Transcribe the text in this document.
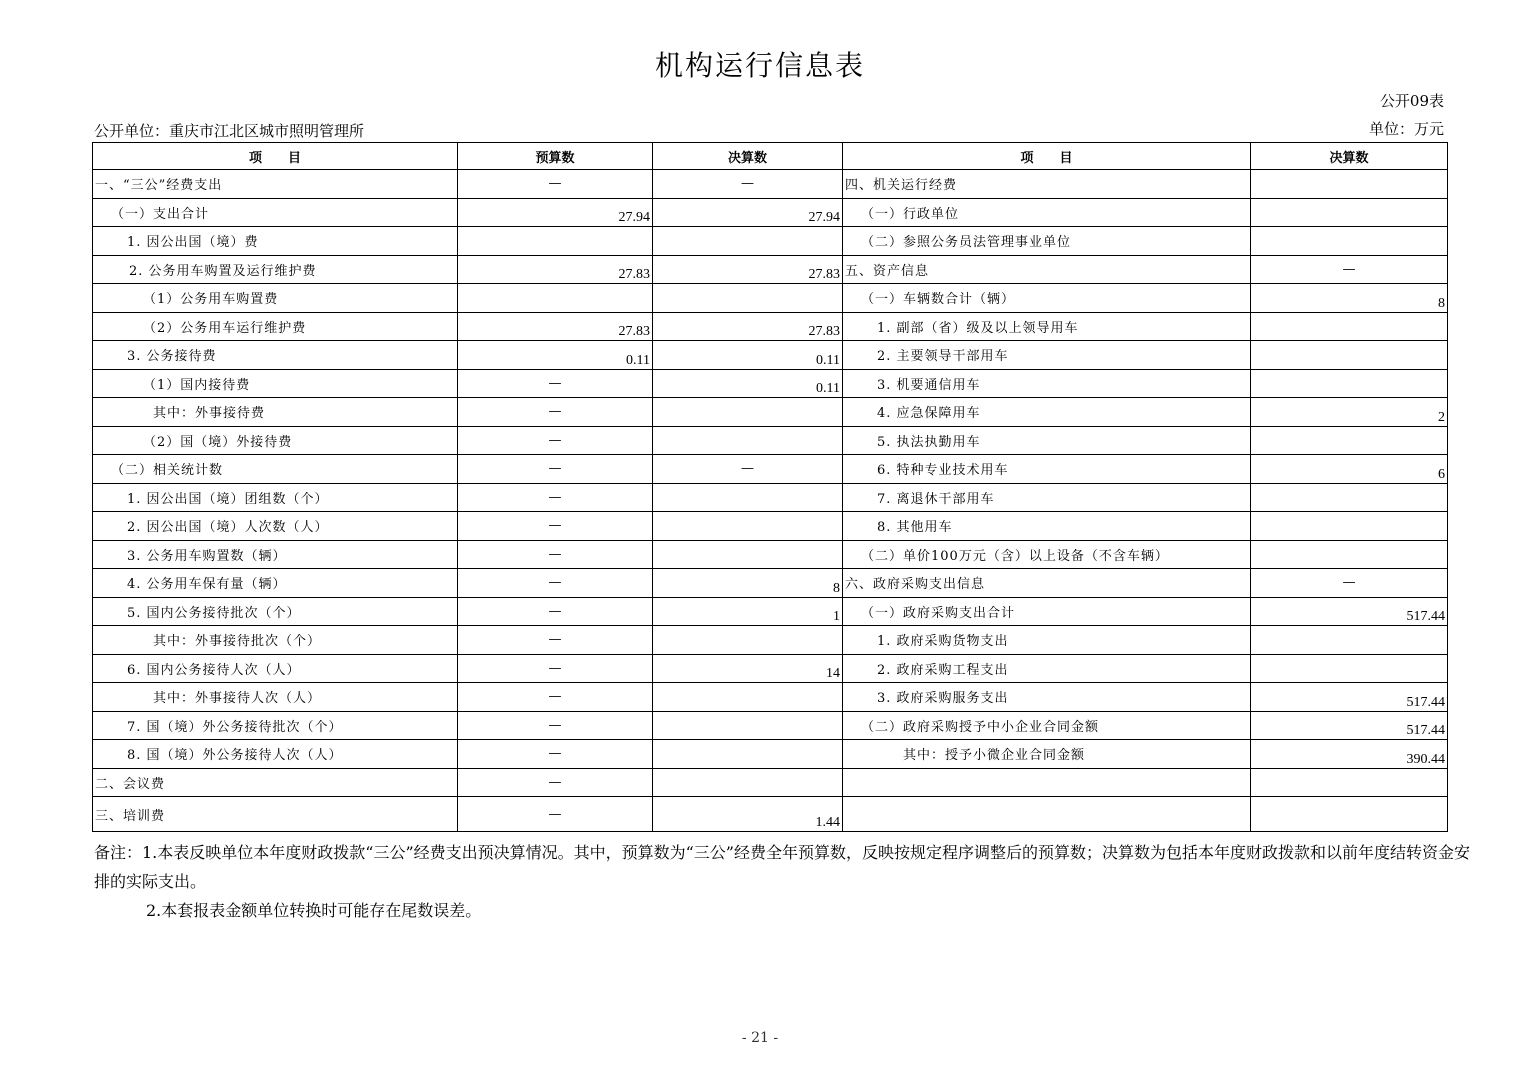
机构运行信息表
公开09表
公开单位：重庆市江北区城市照明管理所	单位：万元
项　　目	预算数	决算数	项　　目	决算数
一、“三公”经费支出	—	—	四、机关运行经费	
（一）支出合计	27.94	27.94	（一）行政单位	
1. 因公出国（境）费			（二）参照公务员法管理事业单位	
2. 公务用车购置及运行维护费	27.83	27.83	五、资产信息	—
（1）公务用车购置费			（一）车辆数合计（辆）	8
（2）公务用车运行维护费	27.83	27.83	1. 副部（省）级及以上领导用车	
3. 公务接待费	0.11	0.11	2. 主要领导干部用车	
（1）国内接待费	—	0.11	3. 机要通信用车	
其中：外事接待费	—		4. 应急保障用车	2
（2）国（境）外接待费	—		5. 执法执勤用车	
（二）相关统计数	—	—	6. 特种专业技术用车	6
1. 因公出国（境）团组数（个）	—		7. 离退休干部用车	
2. 因公出国（境）人次数（人）	—		8. 其他用车	
3. 公务用车购置数（辆）	—		（二）单价100万元（含）以上设备（不含车辆）	
4. 公务用车保有量（辆）	—	8	六、政府采购支出信息	—
5. 国内公务接待批次（个）	—	1	（一）政府采购支出合计	517.44
其中：外事接待批次（个）	—		1. 政府采购货物支出	
6. 国内公务接待人次（人）	—	14	2. 政府采购工程支出	
其中：外事接待人次（人）	—		3. 政府采购服务支出	517.44
7. 国（境）外公务接待批次（个）	—		（二）政府采购授予中小企业合同金额	517.44
8. 国（境）外公务接待人次（人）	—		其中：授予小微企业合同金额	390.44
二、会议费	—			
三、培训费	—	1.44		
备注：1.本表反映单位本年度财政拨款“三公”经费支出预决算情况。其中，预算数为“三公”经费全年预算数，反映按规定程序调整后的预算数；决算数为包括本年度财政拨款和以前年度结转资金安排的实际支出。
2.本套报表金额单位转换时可能存在尾数误差。
- 21 -
